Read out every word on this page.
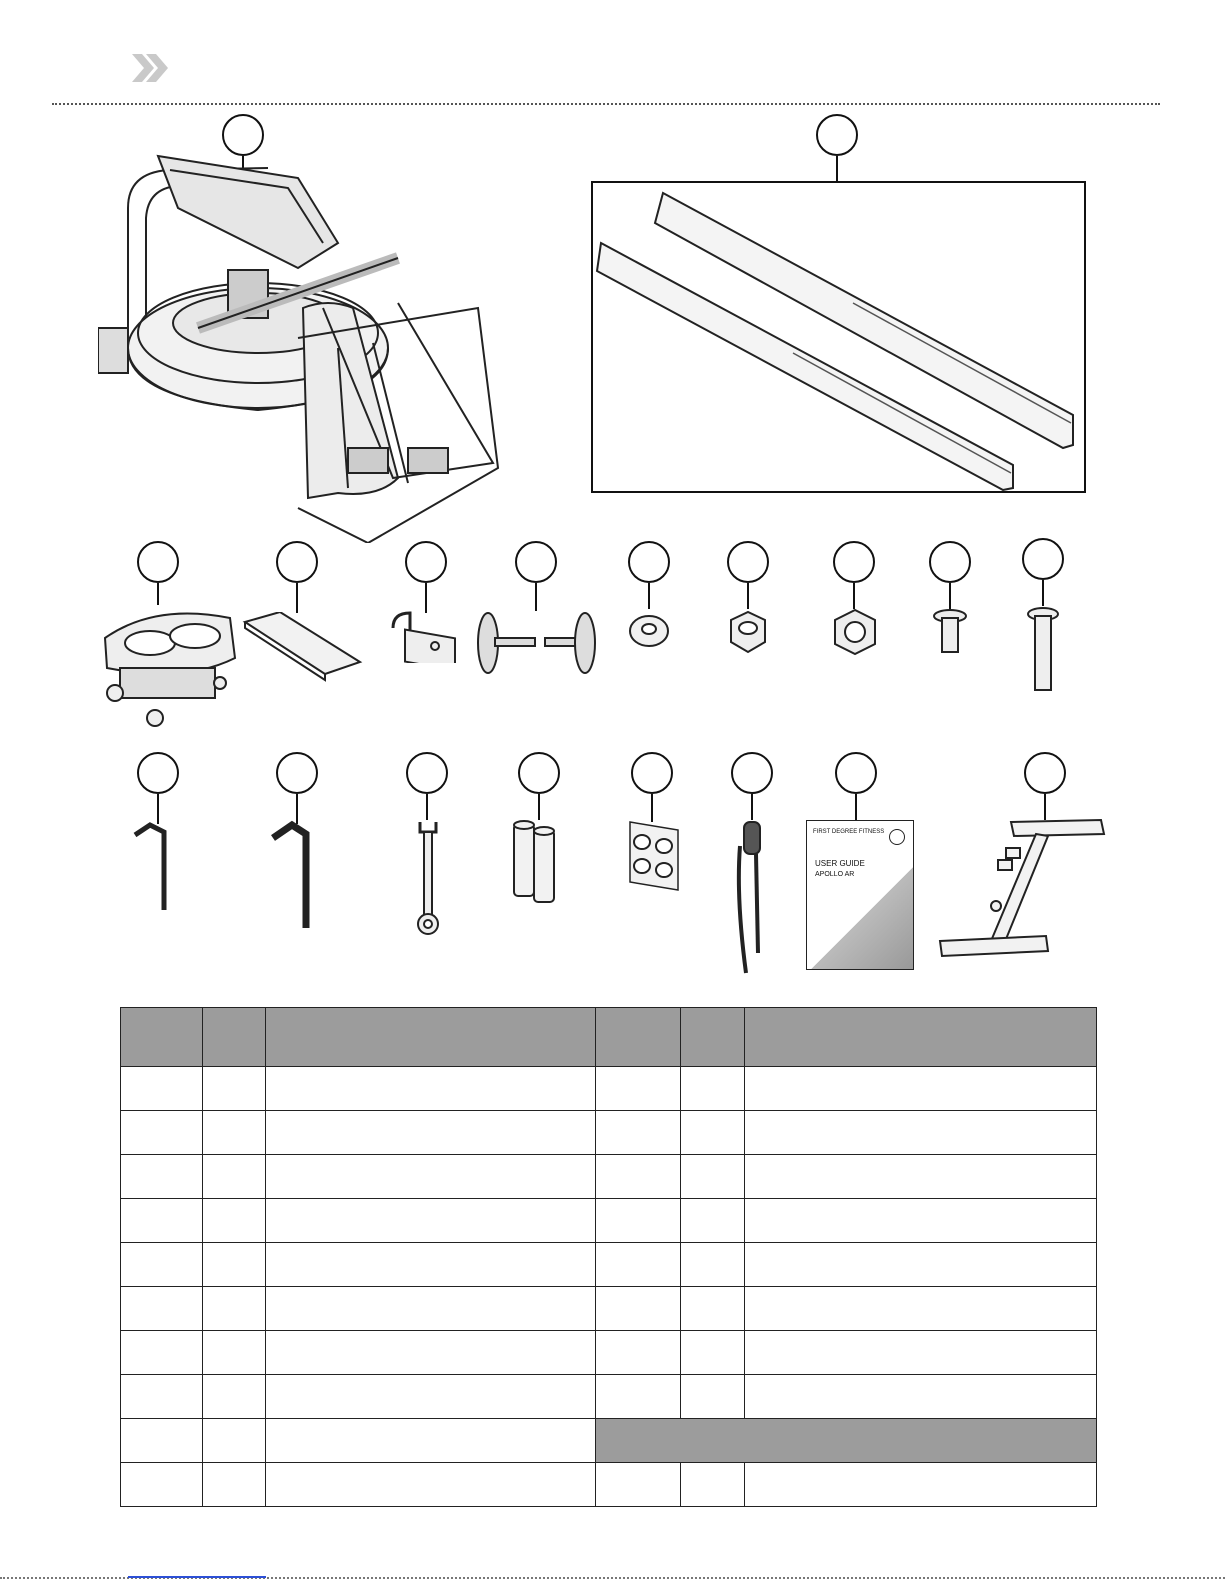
FIRST DEGREE FITNESS
USER GUIDE
APOLLO AR
